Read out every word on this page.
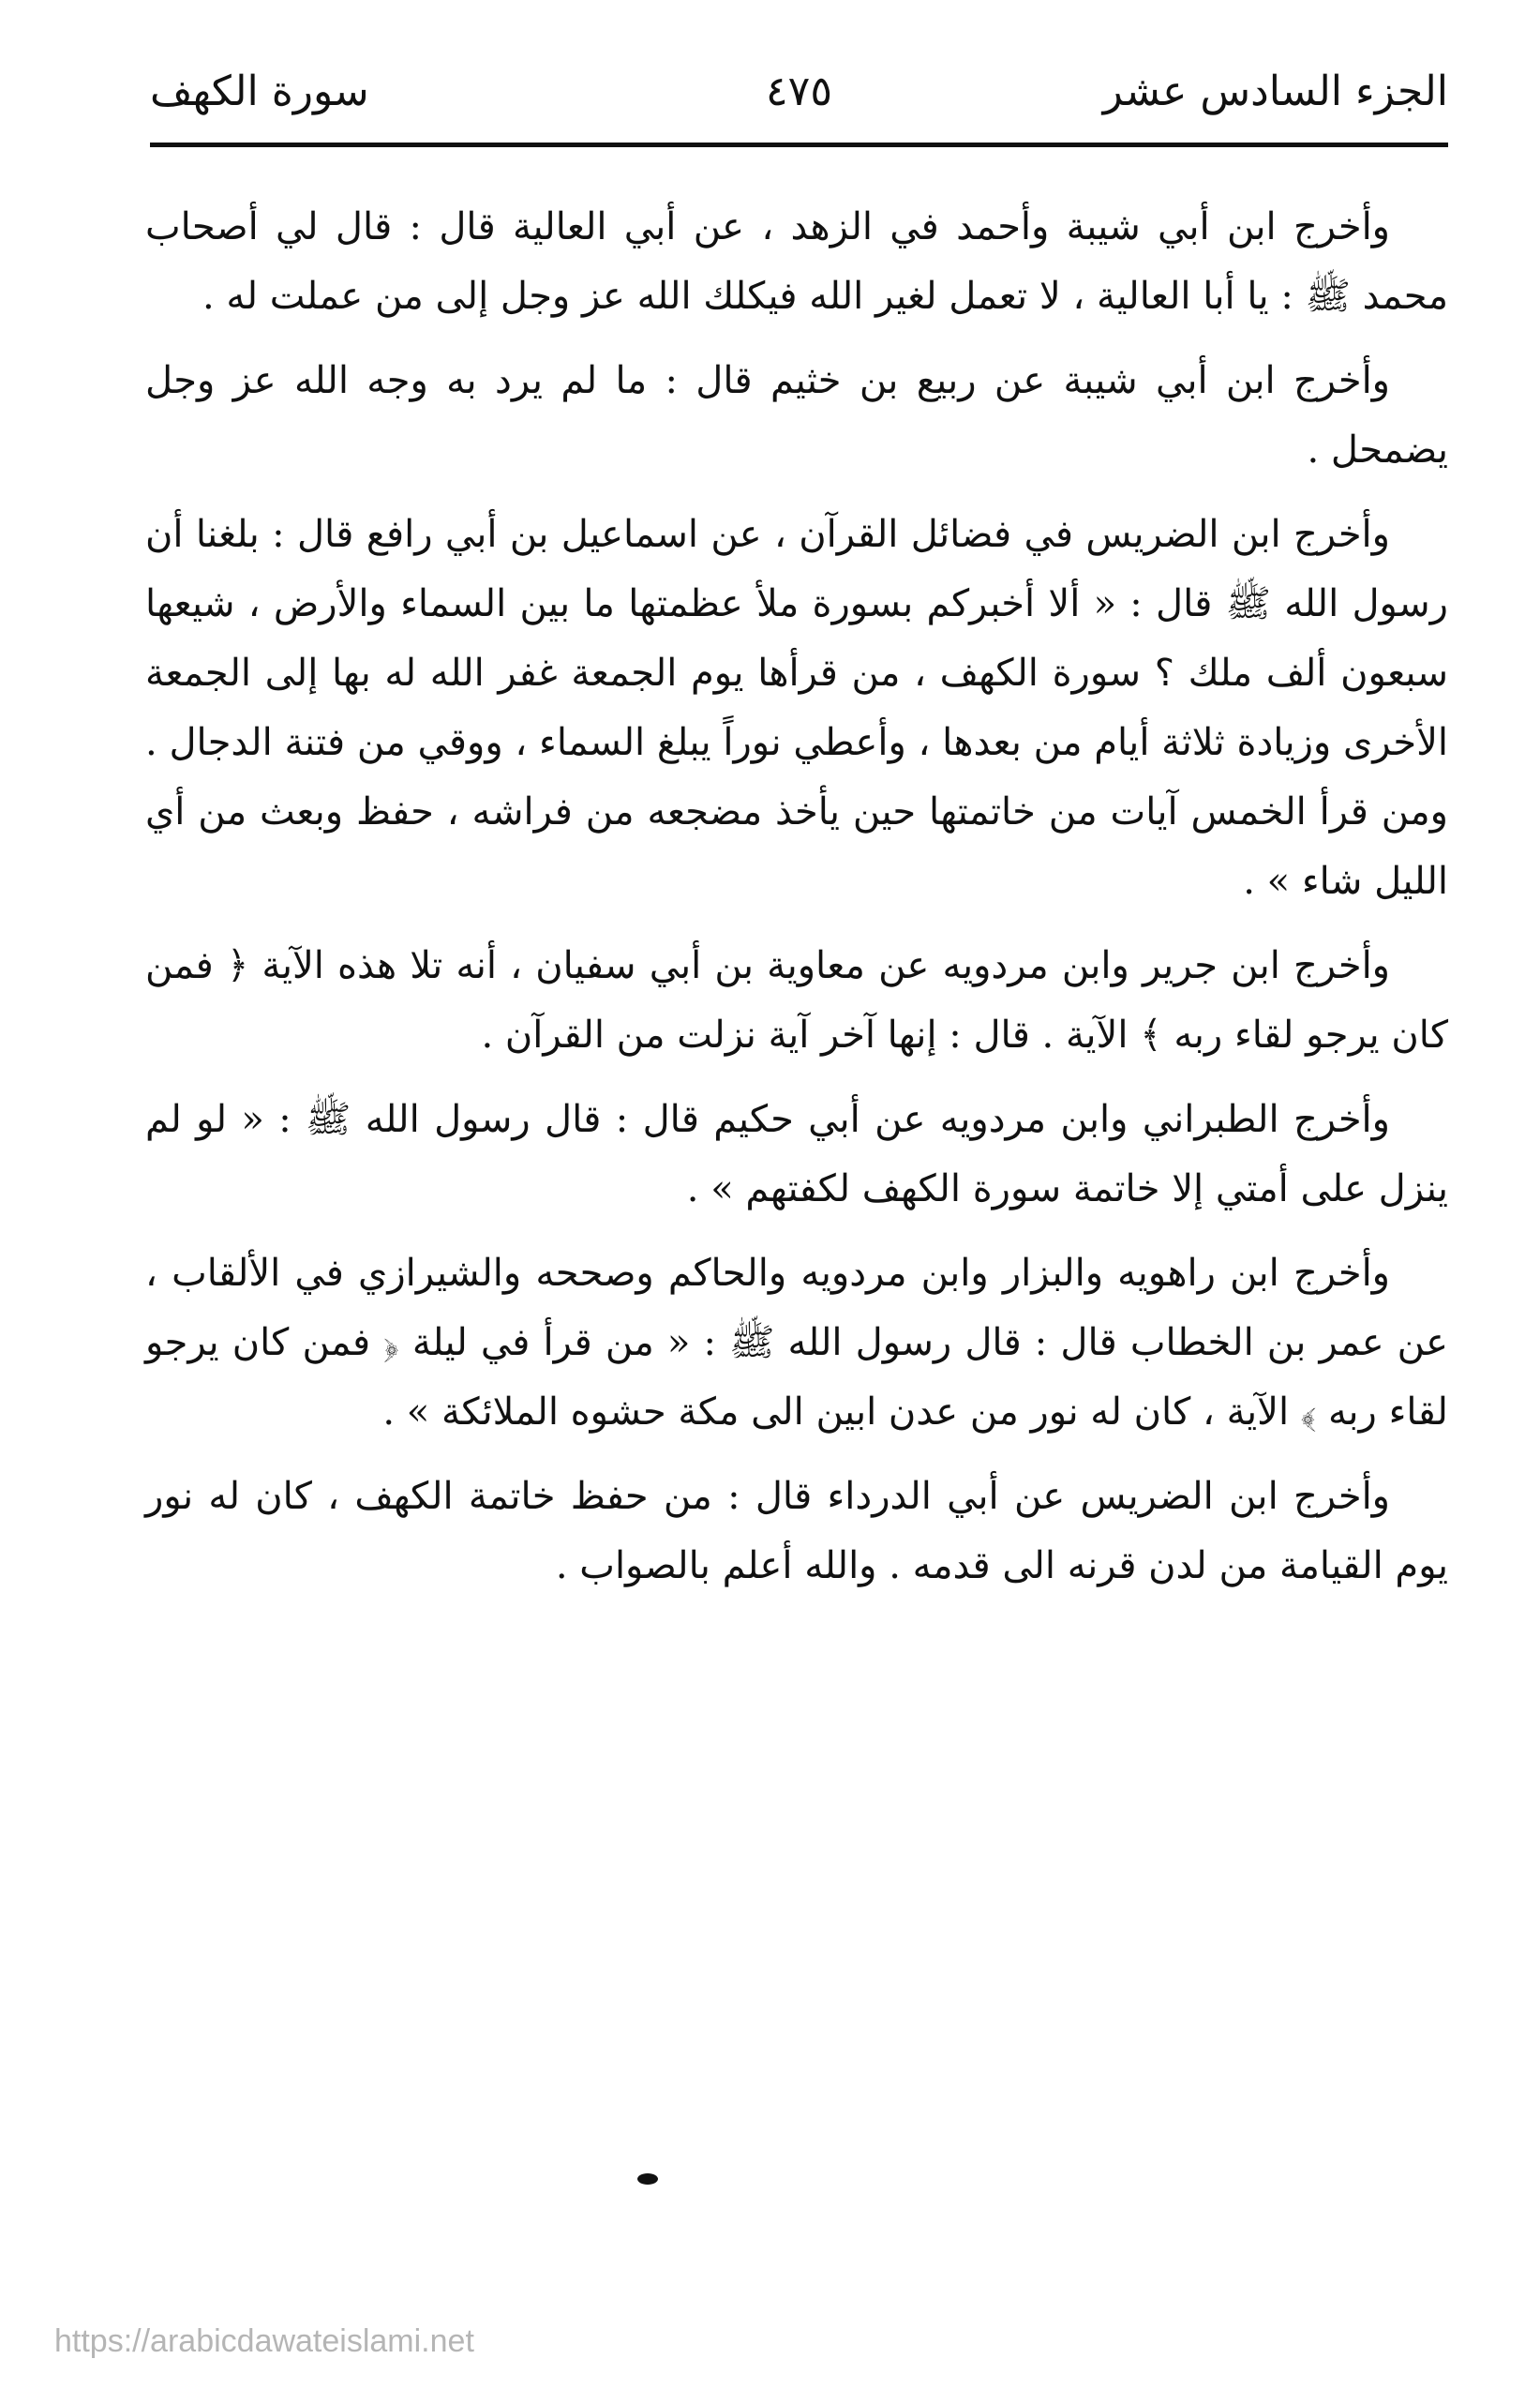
الجزء السادس عشر
٤٧٥
سورة الكهف

وأخرج ابن أبي شيبة وأحمد في الزهد ، عن أبي العالية قال : قال لي أصحاب محمد ﷺ : يا أبا العالية ، لا تعمل لغير الله فيكلك الله عز وجل إلى من عملت له .

وأخرج ابن أبي شيبة عن ربيع بن خثيم قال : ما لم يرد به وجه الله عز وجل يضمحل .

وأخرج ابن الضريس في فضائل القرآن ، عن اسماعيل بن أبي رافع قال : بلغنا أن رسول الله ﷺ قال : « ألا أخبركم بسورة ملأ عظمتها ما بين السماء والأرض ، شيعها سبعون ألف ملك ؟ سورة الكهف ، من قرأها يوم الجمعة غفر الله له بها إلى الجمعة الأخرى وزيادة ثلاثة أيام من بعدها ، وأعطي نوراً يبلغ السماء ، ووقي من فتنة الدجال . ومن قرأ الخمس آيات من خاتمتها حين يأخذ مضجعه من فراشه ، حفظ وبعث من أي الليل شاء » .

وأخرج ابن جرير وابن مردويه عن معاوية بن أبي سفيان ، أنه تلا هذه الآية ﴿ فمن كان يرجو لقاء ربه ﴾ الآية . قال : إنها آخر آية نزلت من القرآن .

وأخرج الطبراني وابن مردويه عن أبي حكيم قال : قال رسول الله ﷺ : « لو لم ينزل على أمتي إلا خاتمة سورة الكهف لكفتهم » .

وأخرج ابن راهويه والبزار وابن مردويه والحاكم وصححه والشيرازي في الألقاب ، عن عمر بن الخطاب قال : قال رسول الله ﷺ : « من قرأ في ليلة ﴿ فمن كان يرجو لقاء ربه ﴾ الآية ، كان له نور من عدن ابين الى مكة حشوه الملائكة » .

وأخرج ابن الضريس عن أبي الدرداء قال : من حفظ خاتمة الكهف ، كان له نور يوم القيامة من لدن قرنه الى قدمه . والله أعلم بالصواب .

https://arabicdawateislami.net
